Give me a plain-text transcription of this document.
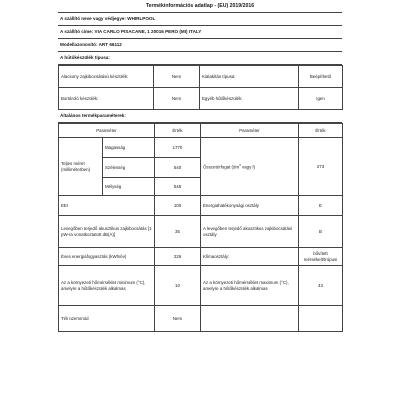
Termékinformációs adatlap - (EU) 2019/2016
A szállító neve vagy védjegye: WHIRLPOOL
A szállító címe: VIA CARLO PISACANE, 1 20016 PERO (MI) ITALY
Modellazonosító: ART 66112
A hűtőkészülék típusa:
Alacsony zajkibocsátású készülék:	Nem	Kialakítás típusa:	Beépíthető
Bortároló készülék:	Nem	Egyéb hűtőkészülék:	Igen
Általános termékparaméterek:
Paraméter		Érték	Paraméter	Érték
Teljes méret (milliméterben)	Magasság	1770	Összetérfogat ($dm^3$ vagy l)	273
	Szélesség	540		
	Mélység	545		
EEI		100	Energiahatékonysági osztály	E
Levegőben terjedő akusztikus zajkibocsátás [1 pW-ra vonatkoztatott dB(A)]		35	A levegőben terjedő akusztikus zajkibocsátási osztály	B
Éves energiafogyasztás (kWh/év)		226	Klímaosztály:	bővített mérsékelt/trópusi
Az a környezeti hőmérséklet minimum (°C), amelyre a hűtőkészülék alkalmas		10	Az a környezeti hőmérséklet maximum (°C), amelyre a hűtőkészülék alkalmas	43
Téli üzemmód		Nem		
